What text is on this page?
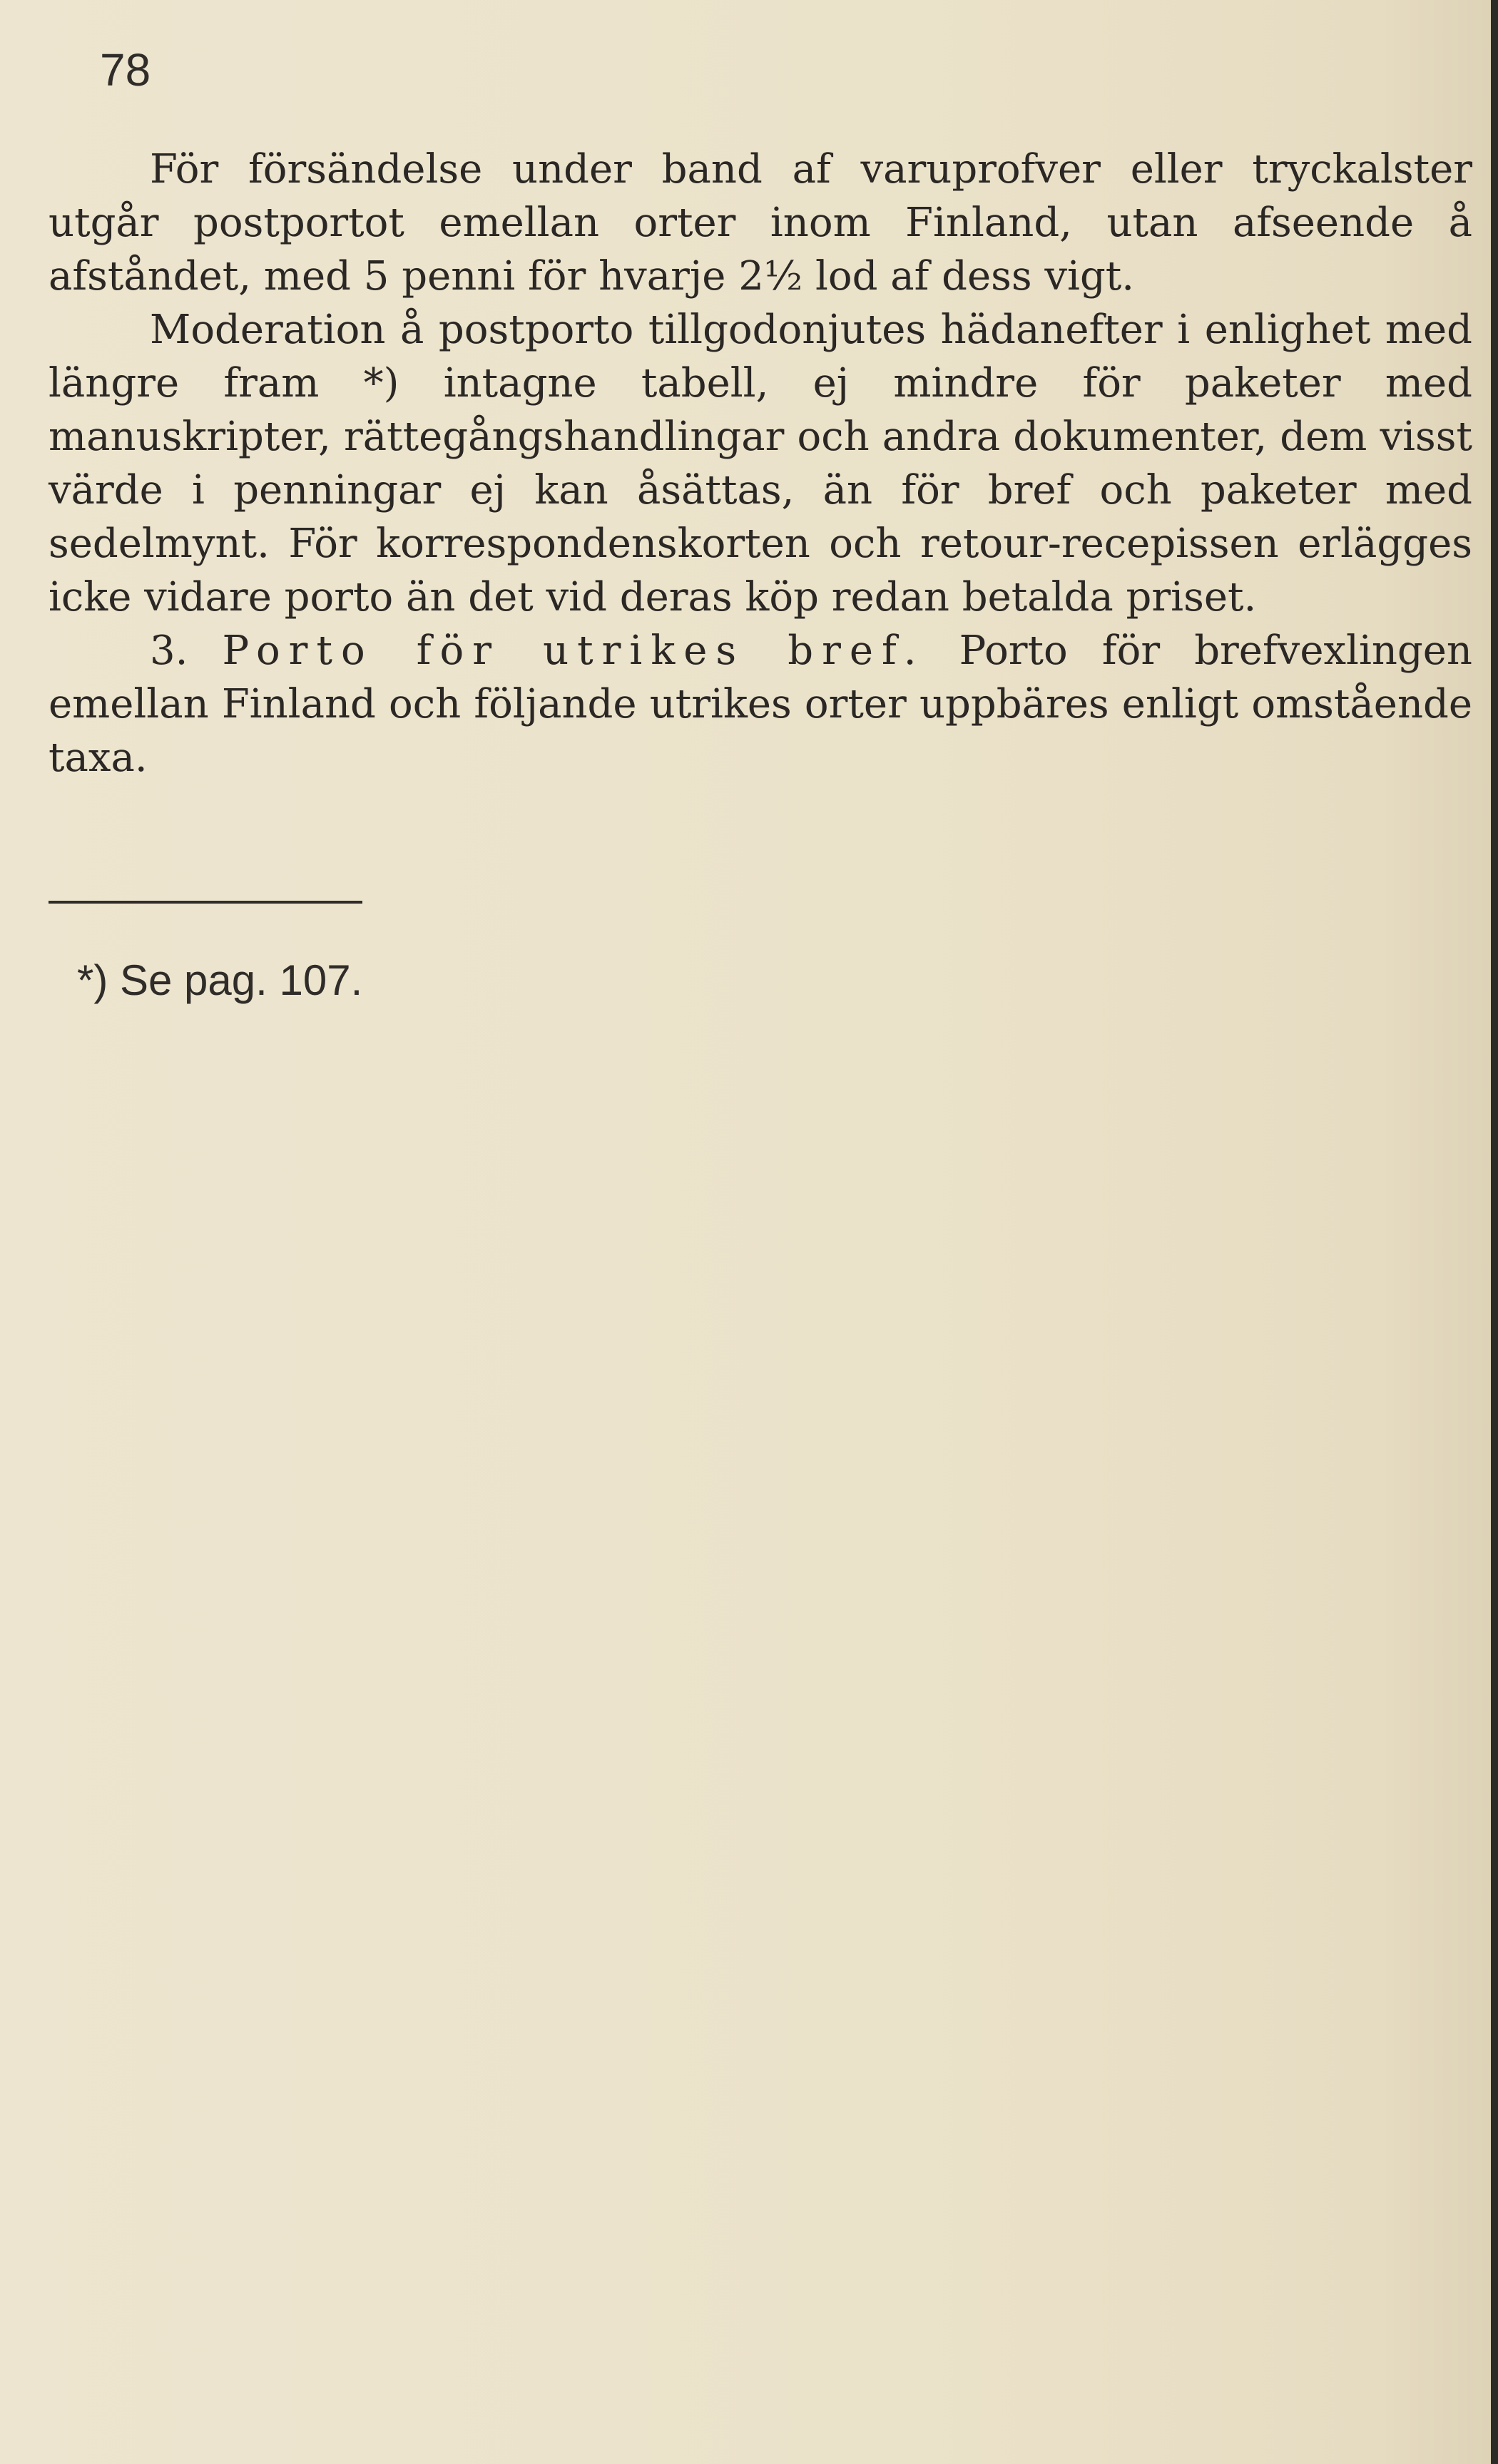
78

För försändelse under band af varuprofver eller tryckalster utgår postportot emellan orter inom Finland, utan afseende å afståndet, med 5 penni för hvarje 2½ lod af dess vigt.

Moderation å postporto tillgodonjutes hädanefter i enlighet med längre fram *) intagne tabell, ej mindre för paketer med manuskripter, rättegångshandlingar och andra dokumenter, dem visst värde i penningar ej kan åsättas, än för bref och paketer med sedelmynt. För korrespondenskorten och retour-recepissen erlägges icke vidare porto än det vid deras köp redan betalda priset.

3. Porto för utrikes bref. Porto för brefvexlingen emellan Finland och följande utrikes orter uppbäres enligt omstående taxa.

*) Se pag. 107.
